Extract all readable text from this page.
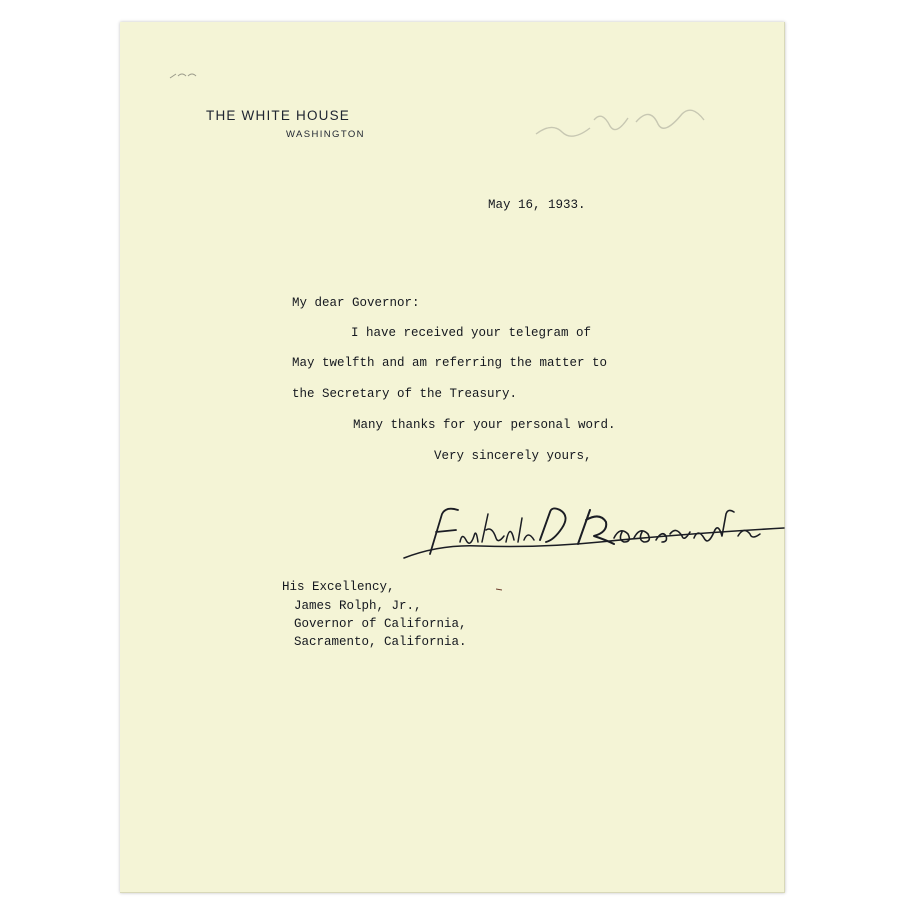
THE WHITE HOUSE
WASHINGTON
May 16, 1933.
My dear Governor:
I have received your telegram of
May twelfth and am referring the matter to
the Secretary of the Treasury.
Many thanks for your personal word.
Very sincerely yours,
His Excellency,
James Rolph, Jr.,
Governor of California,
Sacramento, California.
